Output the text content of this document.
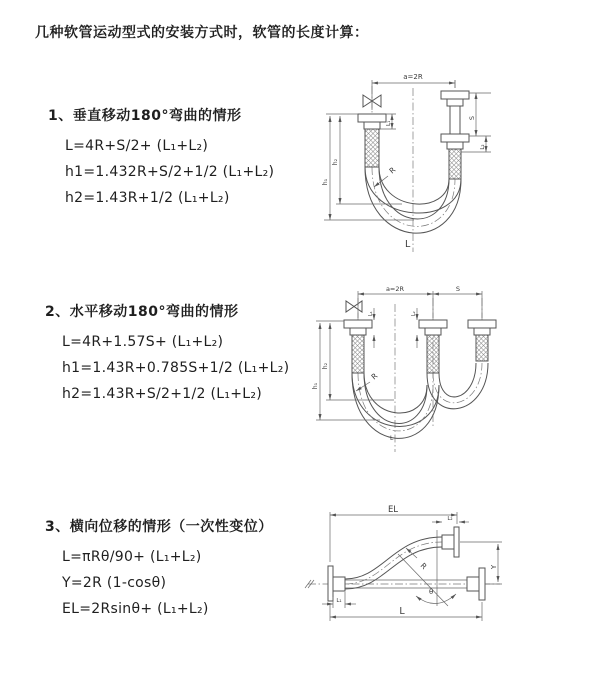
几种软管运动型式的安装方式时，软管的长度计算：
1、垂直移动180°弯曲的情形
L=4R+S/2+ (L₁+L₂)
h1=1.432R+S/2+1/2 (L₁+L₂)
h2=1.43R+1/2 (L₁+L₂)
a=2R
h₂
h₁
L₁
S
L₂
R
L
2、水平移动180°弯曲的情形
L=4R+1.57S+ (L₁+L₂)
h1=1.43R+0.785S+1/2 (L₁+L₂)
h2=1.43R+S/2+1/2 (L₁+L₂)
a=2R	S
h₂
h₁
L₁	L₂
R
L
3、横向位移的情形（一次性变位）
L=πRθ/90+ (L₁+L₂)
Y=2R (1-cosθ)
EL=2Rsinθ+ (L₁+L₂)
EL
L₂
Y
θ
R
L₁
L
